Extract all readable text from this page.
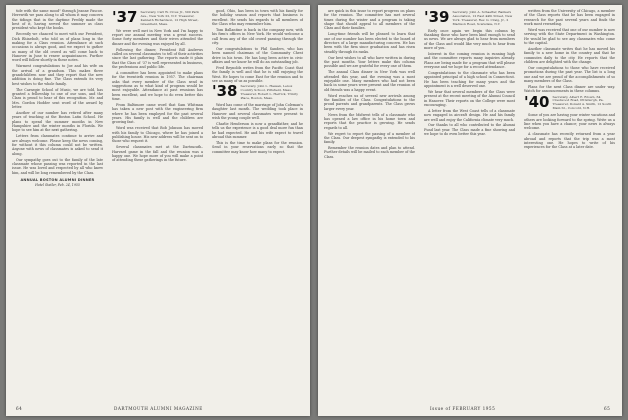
tide with the same mood" through Jeanne Pascoe. Herewith we pass along to all whom it may concern the tidings that in the daytime Freddy made the best of it, having served the summer as class president who kept the books.

Recently we chanced to meet with our President, Dick Rhinebolt, who told us of plans long in the making for a Class reunion. Attendance at such occasions is always good, and we expect to gather as many of the old crowd as will come back to Hanover in June to renew acquaintances. Further word will follow shortly in these notes.

Warmest congratulations to Joe and his wife on the arrival of a grandson. This makes three grandchildren now and they report that the new addition is doing fine. The Class extends its very best wishes to the whole family.

The Carnegie School of Music, we are told, has granted a fellowship to one of our sons, and the Class is proud to hear of this recognition. Mr. and Mrs. Gordon Hodder sent word of the award by letter.

Another of our number has retired after many years of teaching at the Boston Latin School. He plans to spend the summer months in New Hampshire and the winter months in Florida. We hope to see him at the next gathering.

Letters from classmates continue to arrive and are always welcome. Please keep the news coming, for without it this column could not be written. Anyone with news of classmates is asked to send it along.

Our sympathy goes out to the family of the late classmate whose passing was reported in the last issue. He was loved and respected by all who knew him, and will be long remembered by the Class.

ANNUAL BOSTON ALUMNI DINNER
Hotel Statler, Feb. 24, 1955
'37 Secretary, Carl W. Cross Jr., 300 Park Ave., New York 22, N.Y. Treasurer, Kenneth Richardson, 12 High Street, Greenfield, Mass.

We were well met in New York and I'm happy to report our annual meeting was a great success. Some forty members and their wives attended the dinner and the evening was enjoyed by all.

Following the dinner, President Bill Andrews called on several classmates to tell of their activities since the last gathering. The reports made it plain that the Class of '37 is well represented in business, the professions and public life.

A committee has been appointed to make plans for the twentieth reunion in 1957. The chairman asks that every member of the Class send in suggestions as to what kind of program would be most enjoyable. Attendance at past reunions has been excellent, and we hope to do even better this time.

From Baltimore came word that Sam Whitman has taken a new post with the engineering firm where he has been employed for the past several years. His family is well and the children are growing fast.

Word was received that Bob Johnson has moved with his family to Chicago, where he has joined a publishing house. His new address will be sent on to those who request it.

Several classmates met at the Dartmouth–Harvard game in the fall and the reunion was a happy one. We hope more of you will make a point of attending these gatherings in the future.

good, Ohio, has been in town with his family for the holiday season and reports that business is excellent. He sends his regards to all members of the Class who may remember him.

Tom Ballantine is back in the company now, with his firm's offices in New York. He would welcome a call from any of the old crowd passing through the city.

Our congratulations to Phil Sanders, who has been named chairman of the Community Chest drive in his town. He has long been active in civic affairs and we know he will do an outstanding job.

Fred Reynolds writes from the Pacific Coast that the family is well and that he is still enjoying the West. He hopes to come East for the reunion and to see as many of us as possible.

'38 Secretary, John L. Hassan, Lenox Country School, Pittsfield, Mass. Treasurer, Robert L. Herrick, Trinity Place, Boston, Mass.

Word has come of the marriage of John Coleman's daughter last month. The wedding took place in Hanover and several classmates were present to wish the young couple well.

Charlie Henderson is now a grandfather, and he tells us the experience is a good deal more fun than he had expected. He and his wife expect to travel abroad this summer.

This is the time to make plans for the reunion. Send in your reservations early so that the committee may know how many to expect.

64	DARTMOUTH ALUMNI MAGAZINE

are quick in this issue to report progress on plans for the reunion. The committee has met several times during the winter and a program is taking shape that should appeal to all members of the Class and their families.

Long-time friends will be pleased to learn that one of our number has been elected to the board of directors of a large manufacturing concern. He has been with the firm since graduation and has risen steadily through its ranks.

Our best wishes to all who have written in during the past months. Your letters make this column possible and we are grateful for every one of them.

The annual Class dinner in New York was well attended this year, and the evening was a most enjoyable one. Many members who had not been back in some years were present and the reunion of old friends was a happy event.

Word reaches us of several new arrivals among the families of the Class. Congratulations to the proud parents and grandparents. The Class grows larger every year.

News from the Midwest tells of a classmate who has opened a law office in his home town and reports that the practice is growing. He sends regards to all.

We regret to report the passing of a member of the Class. Our deepest sympathy is extended to his family.

Remember the reunion dates and plan to attend. Further details will be mailed to each member of the Class.

'39 Secretary, John A. Schaeffer, Bankers Association, 12 East 44th Street, New York. Treasurer, Rev. G. Craig, Jr., 2 Madison Road, Scarsdale, N.Y.

Early once again we begin this column by thanking those who have been kind enough to send us news. We are always glad to hear from members of the Class and would like very much to hear from more of you.

Interest in the coming reunion is running high and the committee reports many inquiries already. Plans are being made for a program that will please everyone and we hope for a record attendance.

Congratulations to the classmate who has been appointed principal of a high school in Connecticut. He has been teaching for many years and the appointment is a well deserved one.

We hear that several members of the Class were present at the recent meeting of the Alumni Council in Hanover. Their reports on the College were most encouraging.

A letter from the West Coast tells of a classmate now engaged in aircraft design. He and his family are well and enjoy the California climate very much.

Our thanks to all who contributed to the Alumni Fund last year. The Class made a fine showing and we hope to do even better this year.

written from the University of Chicago, a member of the Class reports that he has been engaged in research for the past several years and finds the work most rewarding.

Word was received that one of our number is now serving with the State Department in Washington. He would be glad to see any classmates who come to the capital.

Another classmate writes that he has moved his family to a new home in the country and that he commutes daily to the city. He reports that the children are delighted with the change.

Our congratulations to those who have received promotions during the past year. The list is a long one and we are proud of the accomplishments of so many members of the Class.

Plans for the next Class dinner are under way. Watch for announcements in these columns.

'40 Secretary, Albert E. Brown, 64 Crestwood Road, Pittsburgh, Pa. Treasurer, Donald A. Smith, 12 South Main St., Concord, N.H.

Some of you are having your winter vacations and others are looking forward to the spring. Write us a line when you have a chance; your news is always welcome.

A classmate has recently returned from a year abroad and reports that the trip was a most interesting one. He hopes to write of his experiences for the Class at a later date.

Issue of FEBRUARY 1955	65
